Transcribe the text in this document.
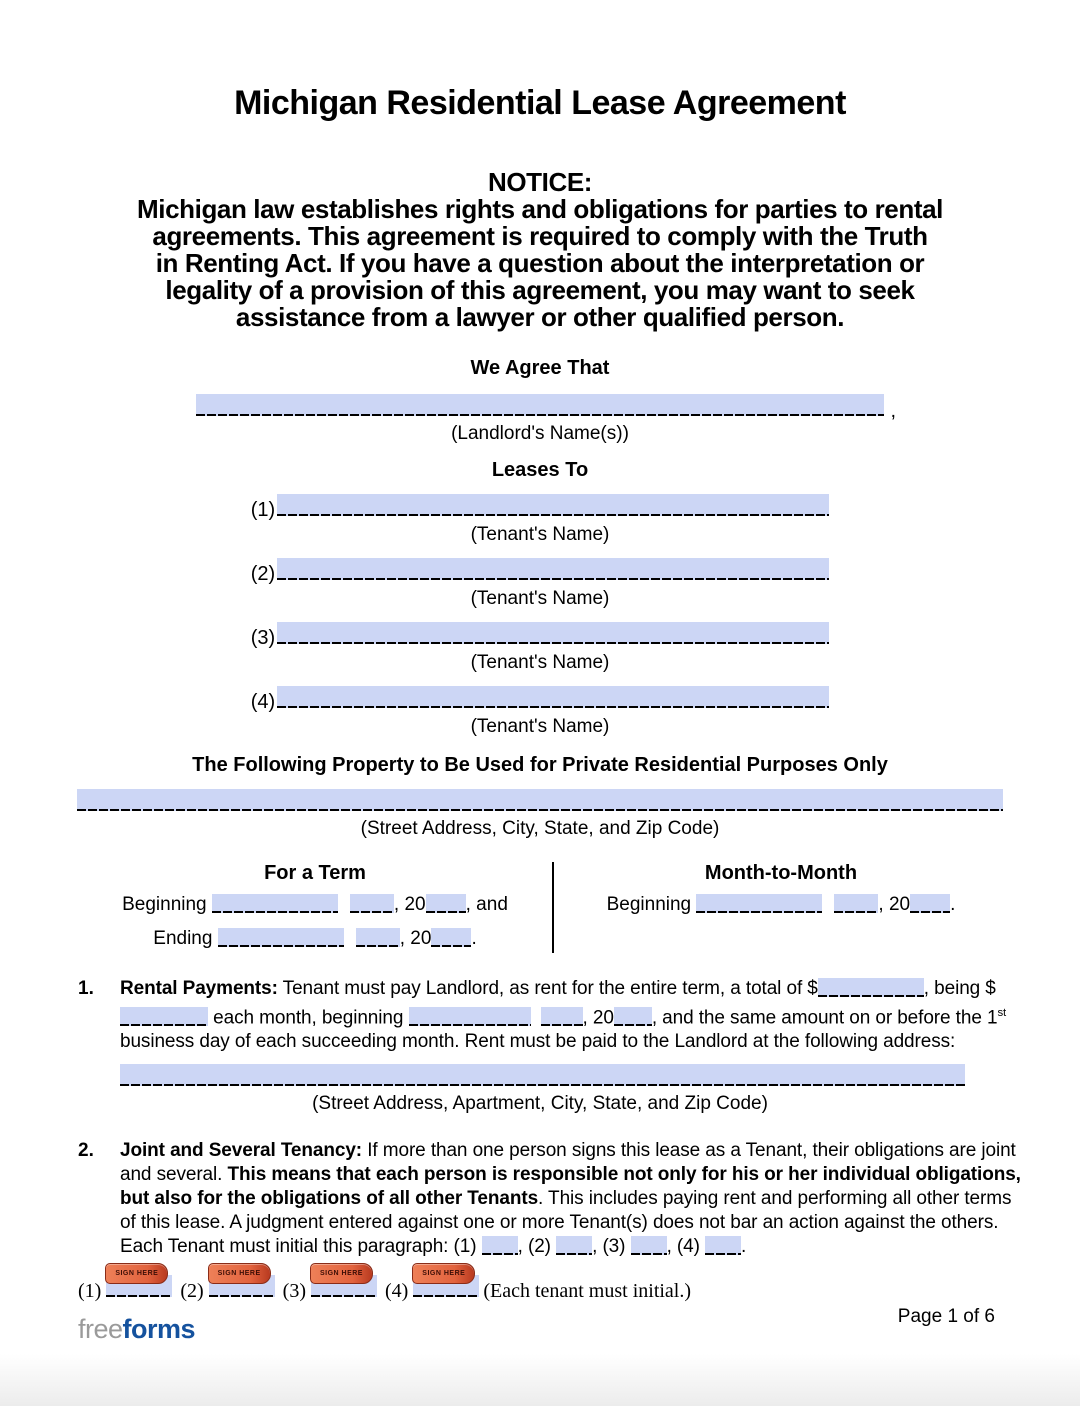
Michigan Residential Lease Agreement
NOTICE:
Michigan law establishes rights and obligations for parties to rental
agreements. This agreement is required to comply with the Truth
in Renting Act. If you have a question about the interpretation or
legality of a provision of this agreement, you may want to seek
assistance from a lawyer or other qualified person.
We Agree That
,
(Landlord's Name(s))
Leases To
(1)
(Tenant's Name)
(2)
(Tenant's Name)
(3)
(Tenant's Name)
(4)
(Tenant's Name)
The Following Property to Be Used for Private Residential Purposes Only
(Street Address, City, State, and Zip Code)
For a Term
Beginning	, 20 , and
Ending	, 20 .
Month-to-Month
Beginning	, 20 .
1.	Rental Payments: Tenant must pay Landlord, as rent for the entire term, a total of $	, being $ each month, beginning	, 20 , and the same amount on or before the 1st business day of each succeeding month. Rent must be paid to the Landlord at the following address:
(Street Address, Apartment, City, State, and Zip Code)
2.	Joint and Several Tenancy: If more than one person signs this lease as a Tenant, their obligations are joint and several. This means that each person is responsible not only for his or her individual obligations, but also for the obligations of all other Tenants. This includes paying rent and performing all other terms of this lease. A judgment entered against one or more Tenant(s) does not bar an action against the others. Each Tenant must initial this paragraph: (1) , (2) , (3) , (4) .
(1)
SIGN HERE
(2)
SIGN HERE
(3)
SIGN HERE
(4)
SIGN HERE
(Each tenant must initial.)
freeforms	Page 1 of 6
